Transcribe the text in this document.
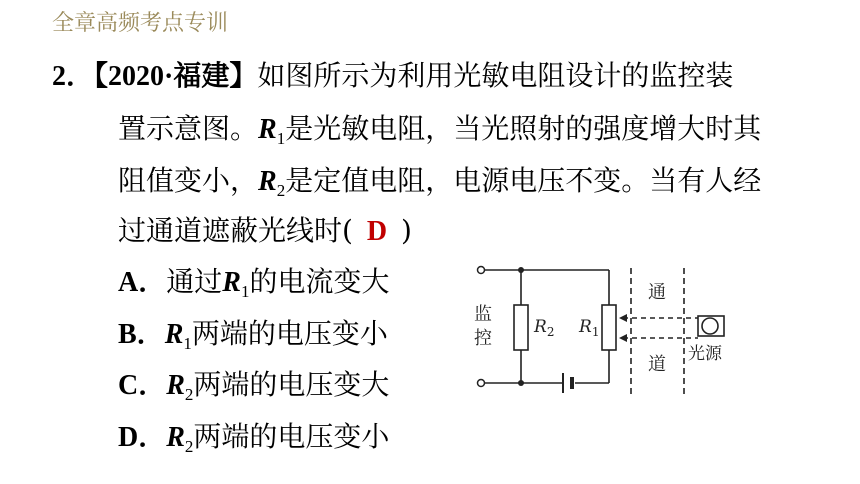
全章高频考点专训
2．【2020·福建】如图所示为利用光敏电阻设计的监控装
置示意图。$R_1$是光敏电阻，当光照射的强度增大时其
阻值变小，$R_2$是定值电阻，电源电压不变。当有人经
过通道遮蔽光线时( D )
A．通过$R_1$的电流变大
B．$R_1$两端的电压变小
C．$R_2$两端的电压变大
D．$R_2$两端的电压变小
监
控
$R_2$ $R_1$
通
道 光源
